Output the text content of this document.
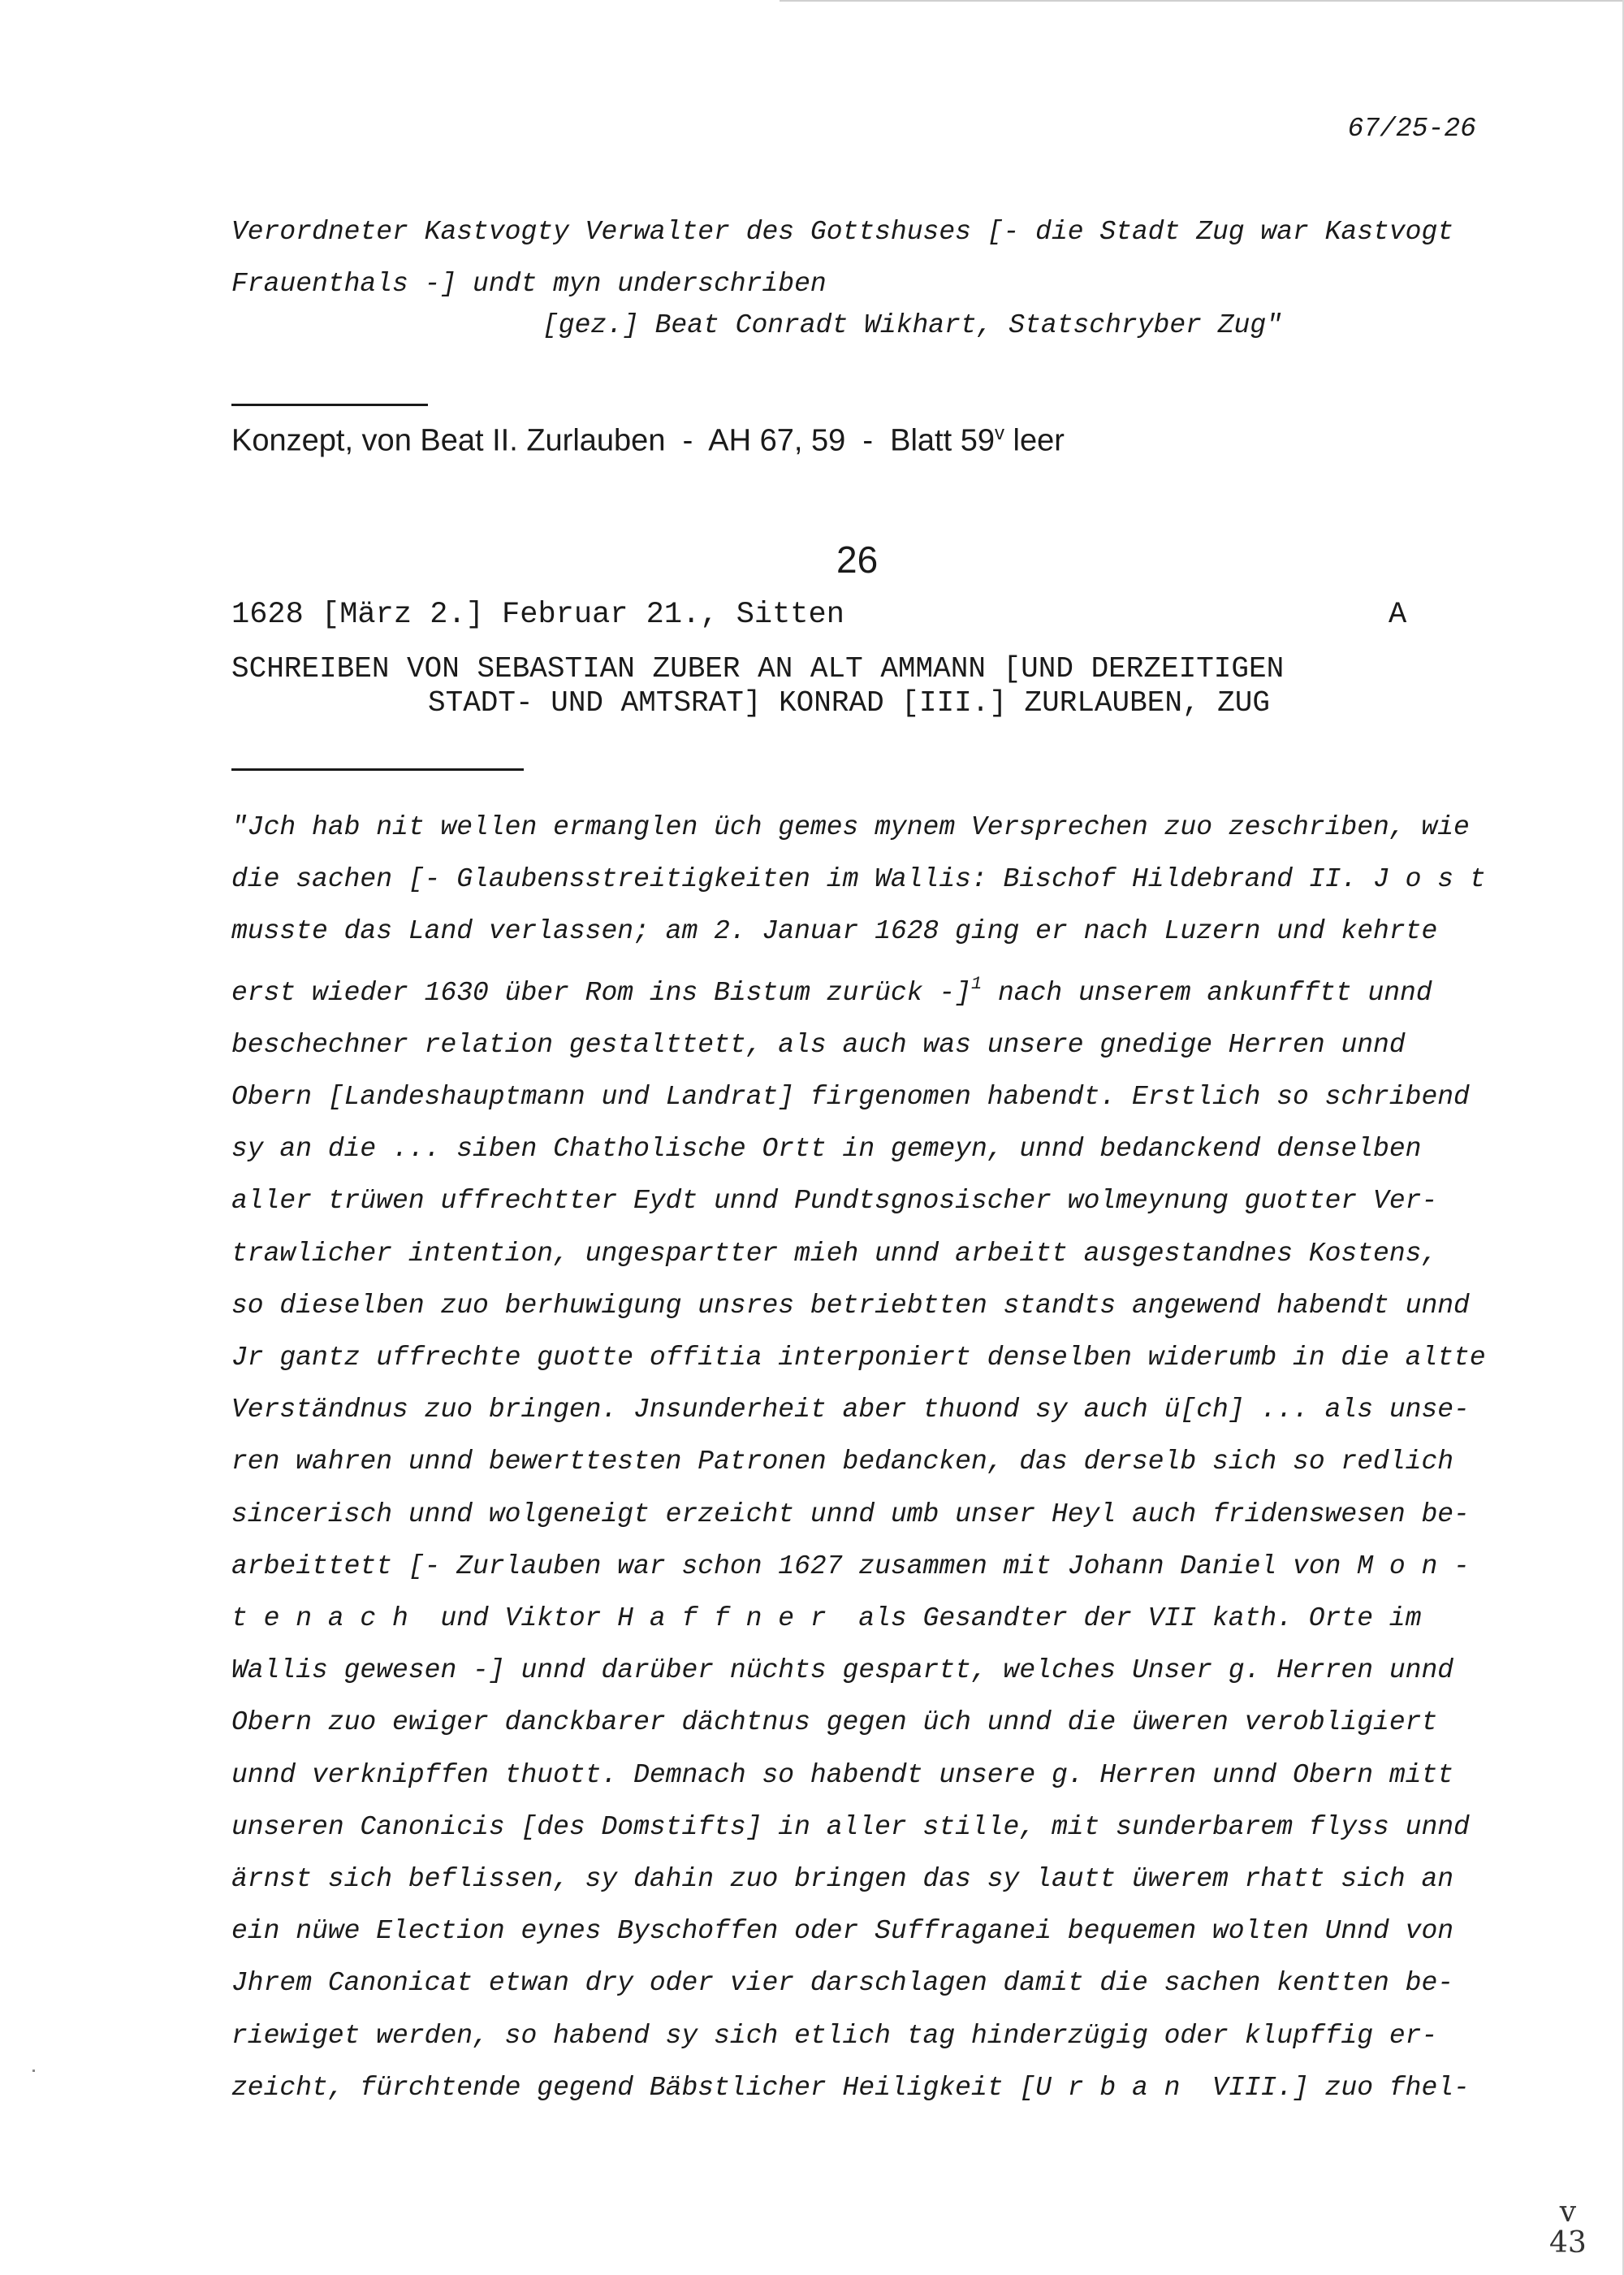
67/25-26
Verordneter Kastvogty Verwalter des Gottshuses [- die Stadt Zug war Kastvogt
Frauenthals -] undt myn underschriben
[gez.] Beat Conradt Wikhart, Statschryber Zug"
Konzept, von Beat II. Zurlauben  -  AH 67, 59  -  Blatt 59$^v$ leer
26
1628 [März 2.] Februar 21., Sitten	A
SCHREIBEN VON SEBASTIAN ZUBER AN ALT AMMANN [UND DERZEITIGEN
STADT- UND AMTSRAT] KONRAD [III.] ZURLAUBEN, ZUG
"Jch hab nit wellen ermanglen üch gemes mynem Versprechen zuo zeschriben, wie
die sachen [- Glaubensstreitigkeiten im Wallis: Bischof Hildebrand II. Jost
musste das Land verlassen; am 2. Januar 1628 ging er nach Luzern und kehrte
erst wieder 1630 über Rom ins Bistum zurück -]$^1$ nach unserem ankunfftt unnd
beschechner relation gestalttett, als auch was unsere gnedige Herren unnd
Obern [Landeshauptmann und Landrat] firgenomen habendt. Erstlich so schribend
sy an die ... siben Chatholische Ortt in gemeyn, unnd bedanckend denselben
aller trüwen uffrechtter Eydt unnd Pundtsgnosischer wolmeynung guotter Ver-
trawlicher intention, ungespartter mieh unnd arbeitt ausgestandnes Kostens,
so dieselben zuo berhuwigung unsres betriebtten standts angewend habendt unnd
Jr gantz uffrechte guotte offitia interponiert denselben widerumb in die altte
Verständnus zuo bringen. Jnsunderheit aber thuond sy auch ü[ch] ... als unse-
ren wahren unnd bewerttesten Patronen bedancken, das derselb sich so redlich
sincerisch unnd wolgeneigt erzeicht unnd umb unser Heyl auch fridenswesen be-
arbeittett [- Zurlauben war schon 1627 zusammen mit Johann Daniel von Mon-
tenach und Viktor Haffner als Gesandter der VII kath. Orte im
Wallis gewesen -] unnd darüber nüchts gespartt, welches Unser g. Herren unnd
Obern zuo ewiger danckbarer dächtnus gegen üch unnd die üweren verobligiert
unnd verknipffen thuott. Demnach so habendt unsere g. Herren unnd Obern mitt
unseren Canonicis [des Domstifts] in aller stille, mit sunderbarem flyss unnd
ärnst sich beflissen, sy dahin zuo bringen das sy lautt üwerem rhatt sich an
ein nüwe Election eynes Byschoffen oder Suffraganei bequemen wolten Unnd von
Jhrem Canonicat etwan dry oder vier darschlagen damit die sachen kentten be-
riewiget werden, so habend sy sich etlich tag hinderzügig oder klupffig er-
zeicht, fürchtende gegend Bäbstlicher Heiligkeit [Urban VIII.] zuo fhel-
v
43
